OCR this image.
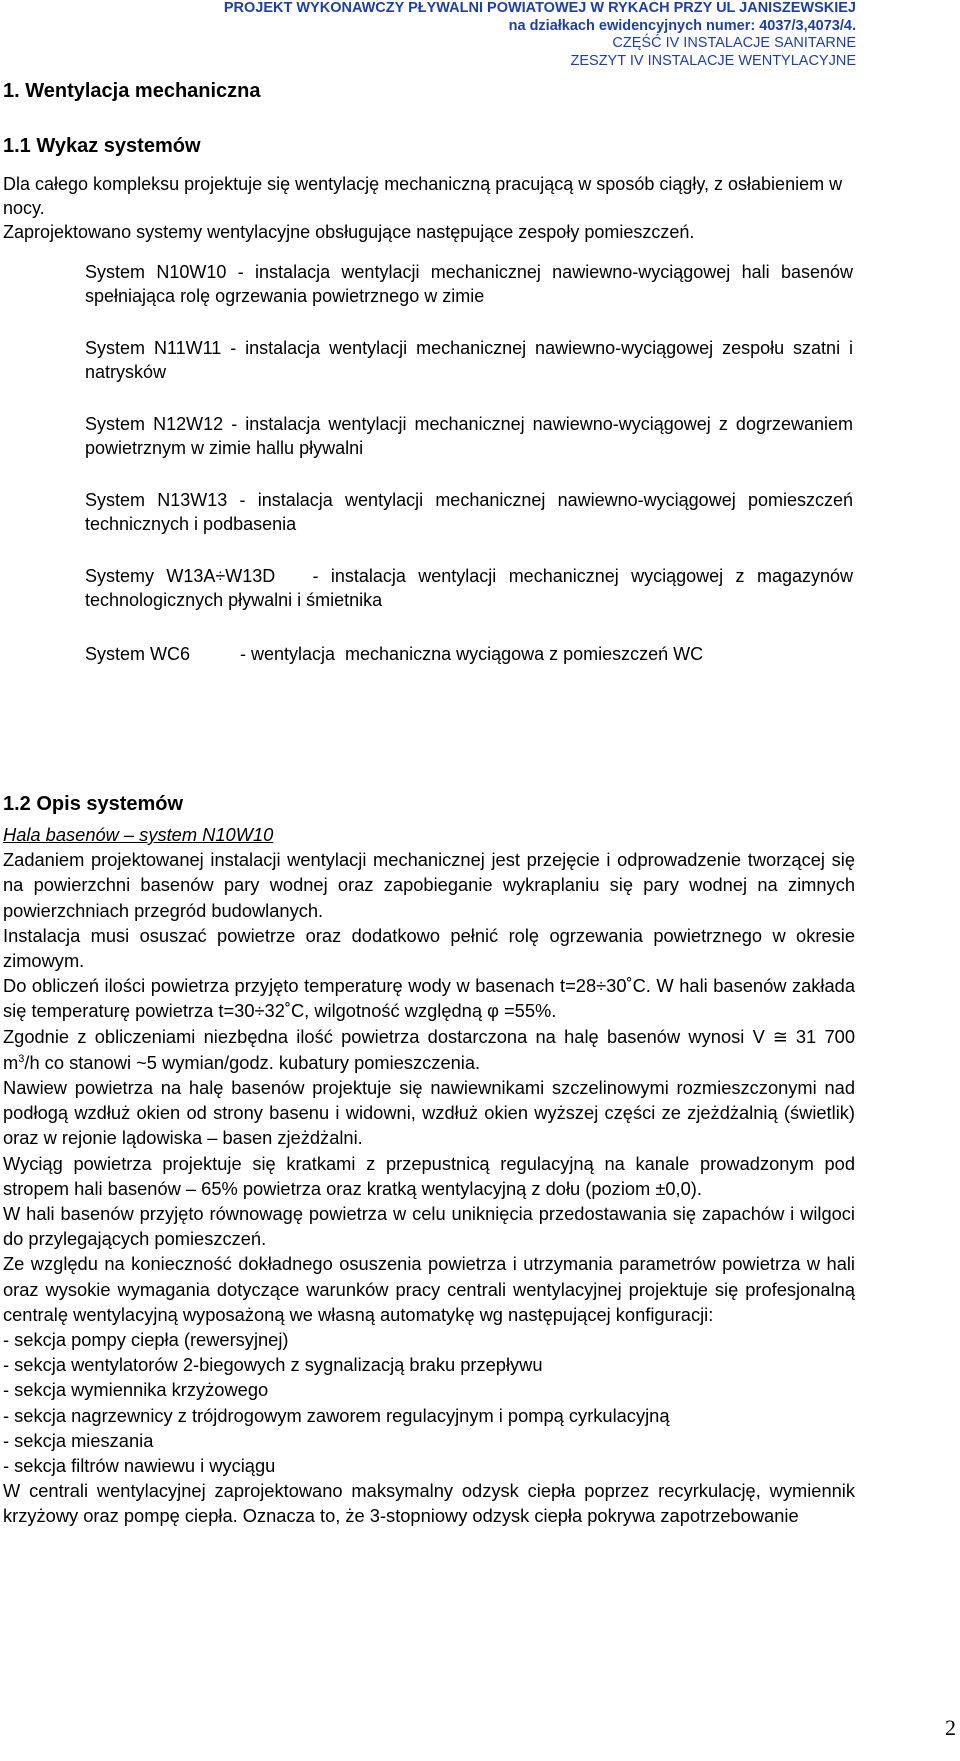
PROJEKT WYKONAWCZY PŁYWALNI POWIATOWEJ W RYKACH PRZY UL JANISZEWSKIEJ
na działkach ewidencyjnych numer: 4037/3,4073/4.
CZĘŚĆ IV INSTALACJE SANITARNE
ZESZYT IV INSTALACJE WENTYLACYJNE
1. Wentylacja mechaniczna
1.1 Wykaz systemów

Dla całego kompleksu projektuje się wentylację mechaniczną pracującą w sposób ciągły, z osłabieniem w nocy.

Zaprojektowano systemy wentylacyjne obsługujące następujące zespoły pomieszczeń.

System N10W10 - instalacja wentylacji mechanicznej nawiewno-wyciągowej hali basenów spełniająca rolę ogrzewania powietrznego w zimie

System N11W11 - instalacja wentylacji mechanicznej nawiewno-wyciągowej zespołu szatni i natrysków

System N12W12 - instalacja wentylacji mechanicznej nawiewno-wyciągowej z dogrzewaniem powietrznym w zimie hallu pływalni

System N13W13 - instalacja wentylacji mechanicznej nawiewno-wyciągowej pomieszczeń technicznych i podbasenia

Systemy W13A÷W13D   - instalacja wentylacji mechanicznej wyciągowej z magazynów technologicznych pływalni i śmietnika

System WC6	- wentylacja  mechaniczna wyciągowa z pomieszczeń WC
1.2 Opis systemów

Hala basenów – system N10W10

Zadaniem projektowanej instalacji wentylacji mechanicznej jest przejęcie i odprowadzenie tworzącej się na powierzchni basenów pary wodnej oraz zapobieganie wykraplaniu się pary wodnej na zimnych powierzchniach przegród budowlanych.

Instalacja musi osuszać powietrze oraz dodatkowo pełnić rolę ogrzewania powietrznego w okresie zimowym.

Do obliczeń ilości powietrza przyjęto temperaturę wody w basenach t=28÷30˚C. W hali basenów zakłada się temperaturę powietrza t=30÷32˚C, wilgotność względną φ =55%.

Zgodnie z obliczeniami niezbędna ilość powietrza dostarczona na halę basenów wynosi V ≅ 31 700 $m^3/h$ co stanowi ~5 wymian/godz. kubatury pomieszczenia.

Nawiew powietrza na halę basenów projektuje się nawiewnikami szczelinowymi rozmieszczonymi nad podłogą wzdłuż okien od strony basenu i widowni, wzdłuż okien wyższej części ze zjeżdżalnią (świetlik) oraz w rejonie lądowiska – basen zjeżdżalni.

Wyciąg powietrza projektuje się kratkami z przepustnicą regulacyjną na kanale prowadzonym pod stropem hali basenów – 65% powietrza oraz kratką wentylacyjną z dołu (poziom ±0,0).

W hali basenów przyjęto równowagę powietrza w celu uniknięcia przedostawania się zapachów i wilgoci do przylegających pomieszczeń.

Ze względu na konieczność dokładnego osuszenia powietrza i utrzymania parametrów powietrza w hali oraz wysokie wymagania dotyczące warunków pracy centrali wentylacyjnej projektuje się profesjonalną centralę wentylacyjną wyposażoną we własną automatykę wg następującej konfiguracji:

- sekcja pompy ciepła (rewersyjnej)

- sekcja wentylatorów 2-biegowych z sygnalizacją braku przepływu

- sekcja wymiennika krzyżowego

- sekcja nagrzewnicy z trójdrogowym zaworem regulacyjnym i pompą cyrkulacyjną

- sekcja mieszania

- sekcja filtrów nawiewu i wyciągu

W centrali wentylacyjnej zaprojektowano maksymalny odzysk ciepła poprzez recyrkulację, wymiennik krzyżowy oraz pompę ciepła. Oznacza to, że 3-stopniowy odzysk ciepła pokrywa zapotrzebowanie

2
